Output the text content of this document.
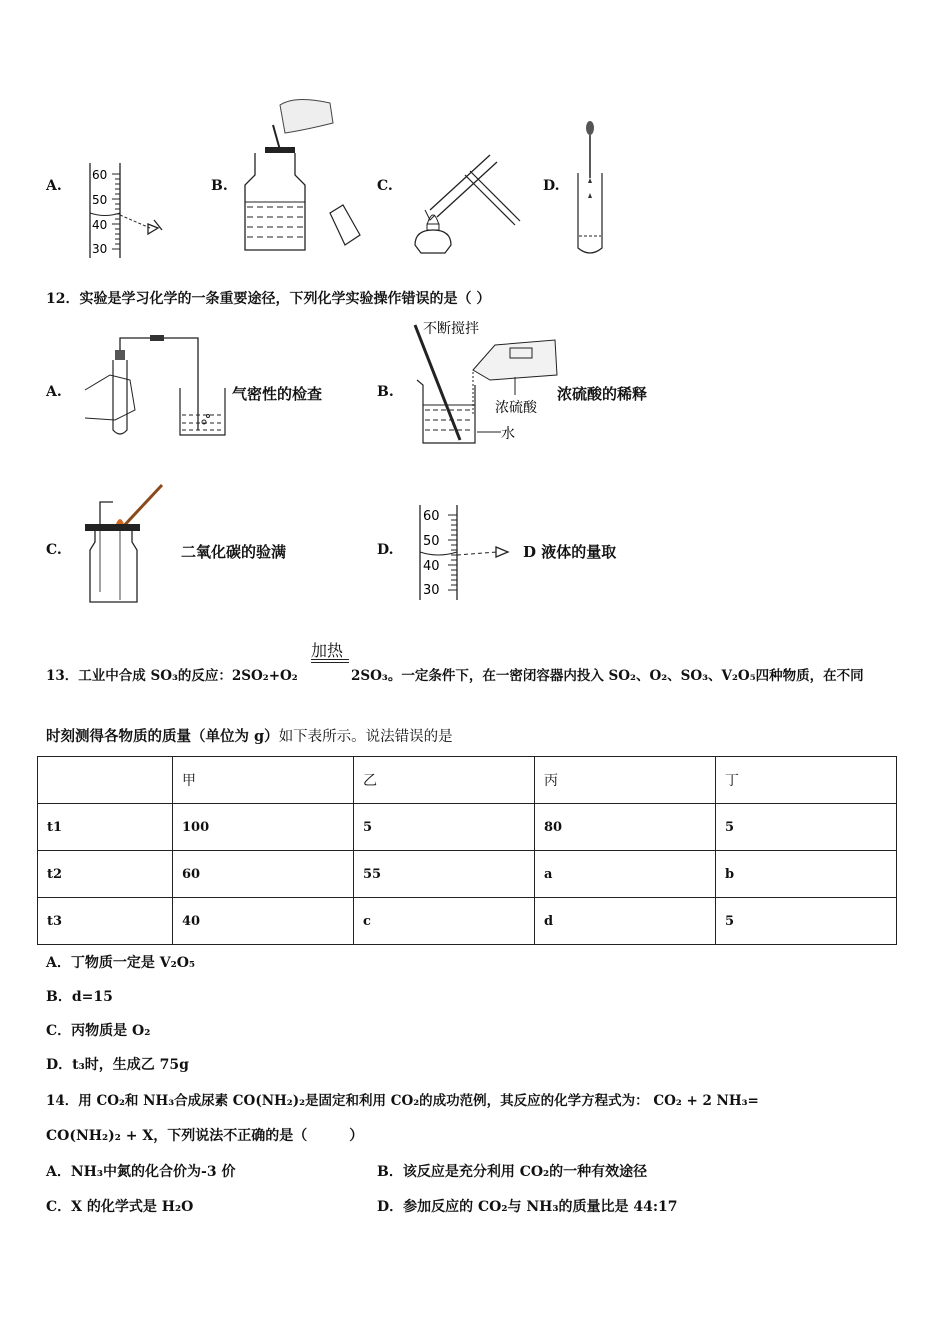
A.
60
50
40
30
B.	C.	D.
12．实验是学习化学的一条重要途径，下列化学实验操作错误的是（ ）
A.	气密性的检查	B.
不断搅拌
浓硫酸
水
浓硫酸的稀释
C.	二氧化碳的验满	D.
60
50
40
30
D 液体的量取
加热
13．工业中合成 SO₃的反应：2SO₂+O₂	2SO₃。一定条件下，在一密闭容器内投入 SO₂、O₂、SO₃、V₂O₅四种物质，在不同
时刻测得各物质的质量（单位为 g）如下表所示。说法错误的是
	甲	乙	丙	丁
t1	100	5	80	5
t2	60	55	a	b
t3	40	c	d	5
A．丁物质一定是 V₂O₅
B．d=15
C．丙物质是 O₂
D．t₃时，生成乙 75g
14．用 CO₂和 NH₃合成尿素 CO(NH₂)₂是固定和利用 CO₂的成功范例，其反应的化学方程式为： CO₂ + 2 NH₃=
CO(NH₂)₂ + X，下列说法不正确的是（　　　）
A．NH₃中氮的化合价为-3 价	B．该反应是充分利用 CO₂的一种有效途径
C．X 的化学式是 H₂O	D．参加反应的 CO₂与 NH₃的质量比是 44:17
